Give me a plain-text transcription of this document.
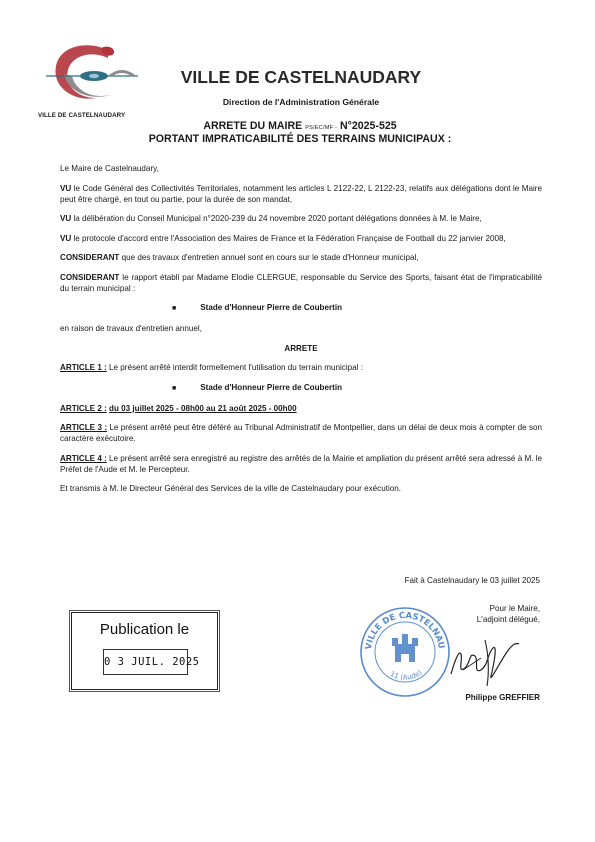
VILLE DE CASTELNAUDARY
VILLE DE CASTELNAUDARY
Direction de l'Administration Générale
ARRETE DU MAIRE PS/EC/MF - N°2025-525
PORTANT IMPRATICABILITÉ DES TERRAINS MUNICIPAUX :

Le Maire de Castelnaudary,

VU le Code Général des Collectivités Territoriales, notamment les articles L 2122-22, L 2122-23, relatifs aux délégations dont le Maire peut être chargé, en tout ou partie, pour la durée de son mandat,

VU la délibération du Conseil Municipal n°2020-239 du 24 novembre 2020 portant délégations données à M. le Maire,

VU le protocole d'accord entre l'Association des Maires de France et la Fédération Française de Football du 22 janvier 2008,

CONSIDERANT que des travaux d'entretien annuel sont en cours sur le stade d'Honneur municipal,

CONSIDERANT le rapport établi par Madame Elodie CLERGUE, responsable du Service des Sports, faisant état de l'impraticabilité du terrain municipal :

■	Stade d'Honneur Pierre de Coubertin

en raison de travaux d'entretien annuel,

ARRETE

ARTICLE 1 : Le présent arrêté interdit formellement l'utilisation du terrain municipal :

■	Stade d'Honneur Pierre de Coubertin

ARTICLE 2 : du 03 juillet 2025 - 08h00 au 21 août 2025 - 00h00

ARTICLE 3 : Le présent arrêté peut être déféré au Tribunal Administratif de Montpellier, dans un délai de deux mois à compter de son caractère exécutoire.

ARTICLE 4 : Le présent arrêté sera enregistré au registre des arrêtés de la Mairie et ampliation du présent arrêté sera adressé à M. le Préfet de l'Aude et M. le Percepteur.

Et transmis à M. le Directeur Général des Services de la ville de Castelnaudary pour exécution.

Fait à Castelnaudary le 03 juillet 2025
Pour le Maire,
L'adjoint délégué,
VILLE DE CASTELNAU
11 (Aude)
Philippe GREFFIER
Publication le
0 3 JUIL. 2025
